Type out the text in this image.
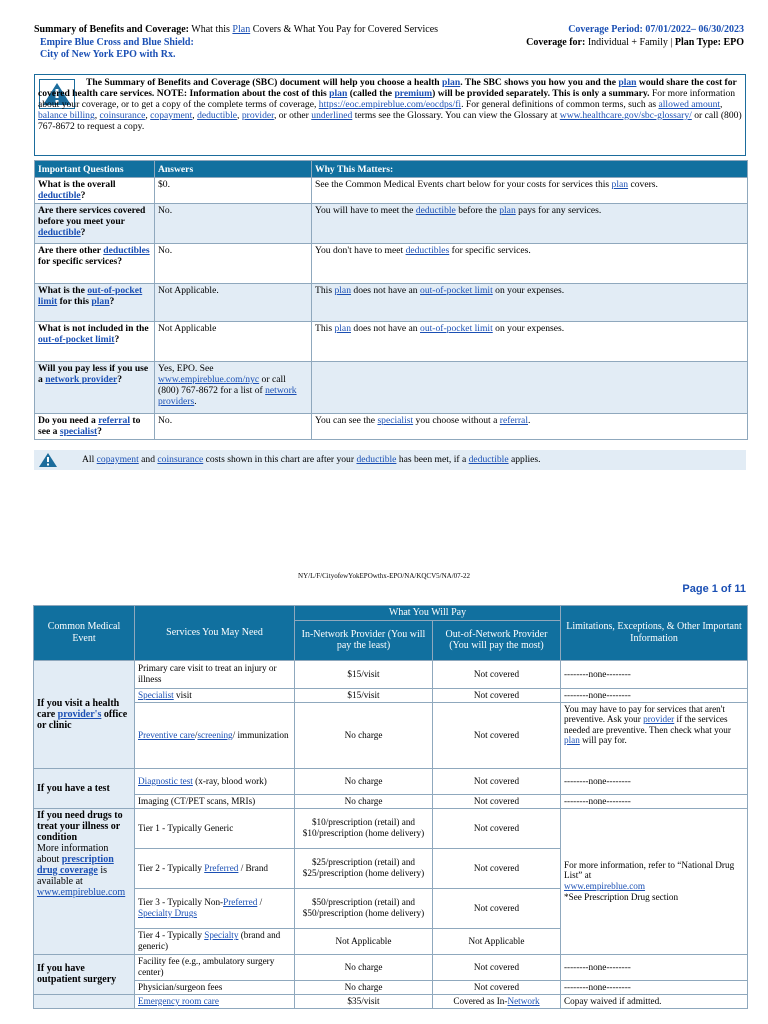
Summary of Benefits and Coverage: What this Plan Covers & What You Pay for Covered Services	Coverage Period: 07/01/2022– 06/30/2023
Empire Blue Cross and Blue Shield:	Coverage for: Individual + Family | Plan Type: EPO
City of New York EPO with Rx.
The Summary of Benefits and Coverage (SBC) document will help you choose a health plan. The SBC shows you how you and the plan would share the cost for covered health care services. NOTE: Information about the cost of this plan (called the premium) will be provided separately. This is only a summary. For more information about your coverage, or to get a copy of the complete terms of coverage, https://eoc.empireblue.com/eocdps/fi. For general definitions of common terms, such as allowed amount, balance billing, coinsurance, copayment, deductible, provider, or other underlined terms see the Glossary. You can view the Glossary at www.healthcare.gov/sbc-glossary/ or call (800) 767-8672 to request a copy.
Important Questions	Answers	Why This Matters:
What is the overall deductible?	$0.	See the Common Medical Events chart below for your costs for services this plan covers.
Are there services covered before you meet your deductible?	No.	You will have to meet the deductible before the plan pays for any services.
Are there other deductibles for specific services?	No.	You don't have to meet deductibles for specific services.
What is the out-of-pocket limit for this plan?	Not Applicable.	This plan does not have an out-of-pocket limit on your expenses.
What is not included in the out-of-pocket limit?	Not Applicable	This plan does not have an out-of-pocket limit on your expenses.
Will you pay less if you use a network provider?	Yes, EPO. See www.empireblue.com/nyc or call (800) 767-8672 for a list of network providers.	
Do you need a referral to see a specialist?	No.	You can see the specialist you choose without a referral.
All copayment and coinsurance costs shown in this chart are after your deductible has been met, if a deductible applies.
NY/L/F/CityofewYokEPOwthx-EPO/NA/KQCV5/NA/07-22
Page 1 of 11
Common Medical Event	Services You May Need	What You Will Pay		Limitations, Exceptions, & Other Important Information
		In-Network Provider (You will pay the least)	Out-of-Network Provider (You will pay the most)	
If you visit a health care provider's office or clinic	Primary care visit to treat an injury or illness	$15/visit	Not covered	--------none--------
	Specialist visit	$15/visit	Not covered	--------none--------
	Preventive care/screening/ immunization	No charge	Not covered	You may have to pay for services that aren't preventive. Ask your provider if the services needed are preventive. Then check what your plan will pay for.
If you have a test	Diagnostic test (x-ray, blood work)	No charge	Not covered	--------none--------
	Imaging (CT/PET scans, MRIs)	No charge	Not covered	--------none--------
If you need drugs to treat your illness or condition
More information about prescription drug coverage is available at www.empireblue.com	Tier 1 - Typically Generic	$10/prescription (retail) and $10/prescription (home delivery)	Not covered	For more information, refer to “National Drug List” at
www.empireblue.com
*See Prescription Drug section
	Tier 2 - Typically Preferred / Brand	$25/prescription (retail) and $25/prescription (home delivery)	Not covered	
	Tier 3 - Typically Non-Preferred / Specialty Drugs	$50/prescription (retail) and $50/prescription (home delivery)	Not covered	
	Tier 4 - Typically Specialty (brand and generic)	Not Applicable	Not Applicable	
If you have outpatient surgery	Facility fee (e.g., ambulatory surgery center)	No charge	Not covered	--------none--------
	Physician/surgeon fees	No charge	Not covered	--------none--------
	Emergency room care	$35/visit	Covered as In-Network	Copay waived if admitted.
